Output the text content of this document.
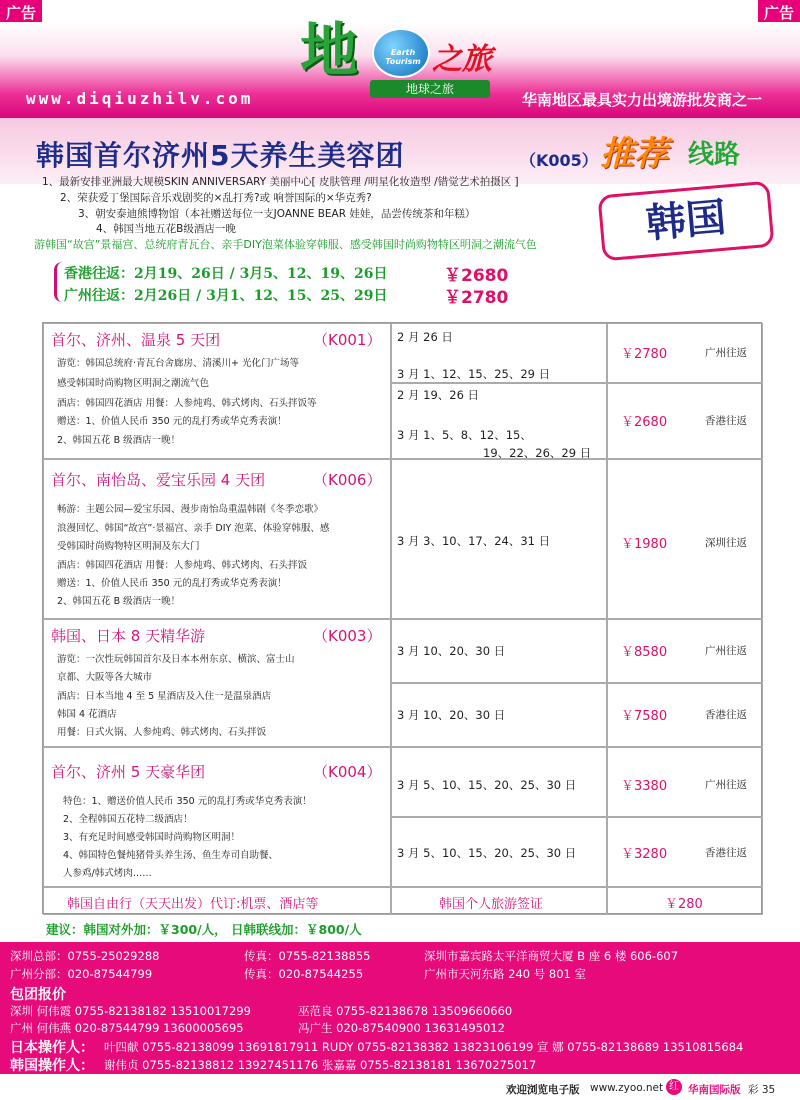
广告	广告
地	Earth Tourism 之旅
地球之旅
www.diqiuzhilv.com	华南地区最具实力出境游批发商之一
韩国首尔济州5天养生美容团	（K005） 推荐 线路
韩国
1、最新安排亚洲最大规模SKIN ANNIVERSARY 美丽中心[ 皮肤管理 /明星化妆造型 /错觉艺术拍摄区 ]
2、荣获爱丁堡国际音乐戏剧奖的×乱打秀?或 响誉国际的×华克秀?
3、朝安泰迪熊博物馆（本社赠送每位一支JOANNE BEAR 娃娃，品尝传统茶和年糕）
4、韩国当地五花B级酒店一晚
游韩国“故宫”景福宫、总统府青瓦台、亲手DIY泡菜体验穿韩服、感受韩国时尚购物特区明洞之潮流气色
香港往返：2月19、26日 / 3月5、12、19、26日	￥2680
广州往返：2月26日 / 3月1、12、15、25、29日	￥2780
首尔、济州、温泉 5 天团	（K001）
游览：韩国总统府·青瓦台舍廊房、清溪川+ 光化门广场等
感受韩国时尚购物区明洞之潮流气色
酒店：韩国四花酒店 用餐：人参炖鸡、韩式烤肉、石头拌饭等
赠送：1、价值人民币 350 元的乱打秀或华克秀表演！
2、韩国五花 B 级酒店一晚！
2 月 26 日
3 月 1、12、15、25、29 日
￥2780	广州往返
2 月 19、26 日
3 月 1、5、8、12、15、
19、22、26、29 日
￥2680	香港往返
首尔、南怡岛、爱宝乐园 4 天团	（K006）
畅游：主题公园—爱宝乐园、漫步南怡岛重温韩剧《冬季恋歌》
浪漫回忆、韩国“故宫”·景福宫、亲手 DIY 泡菜、体验穿韩服、感
受韩国时尚购物特区明洞及东大门
酒店：韩国四花酒店 用餐：人参炖鸡、韩式烤肉、石头拌饭
赠送：1、价值人民币 350 元的乱打秀或华克秀表演！
2、韩国五花 B 级酒店一晚！
3 月 3、10、17、24、31 日	￥1980	深圳往返
韩国、日本 8 天精华游	（K003）
游览：一次性玩韩国首尔及日本本州东京、横滨、富士山
京都、大阪等各大城市
酒店：日本当地 4 至 5 星酒店及入住一是温泉酒店
韩国 4 花酒店
用餐：日式火锅、人参炖鸡、韩式烤肉、石头拌饭
3 月 10、20、30 日	￥8580	广州往返
3 月 10、20、30 日	￥7580	香港往返
首尔、济州 5 天豪华团	（K004）
特色：1、赠送价值人民币 350 元的乱打秀或华克秀表演！
2、全程韩国五花特二级酒店！
3、有充足时间感受韩国时尚购物区明洞！
4、韩国特色餐炖猪骨头养生汤、鱼生寿司自助餐、
人参鸡/韩式烤肉……
3 月 5、10、15、20、25、30 日	￥3380	广州往返
3 月 5、10、15、20、25、30 日	￥3280	香港往返
韩国自由行（天天出发）代订:机票、酒店等	韩国个人旅游签证	￥280
建议：韩国对外加：￥300/人， 日韩联线加：￥800/人
深圳总部：0755-25029288	传真：0755-82138855	深圳市嘉宾路太平洋商贸大厦 B 座 6 楼 606-607
广州分部：020-87544799	传真：020-87544255	广州市天河东路 240 号 801 室
包团报价
深圳 何伟霞 0755-82138182 13510017299	巫范良 0755-82138678 13509660660
广州 何伟燕 020-87544799 13600005695	冯广生 020-87540900 13631495012
日本操作人： 叶四献 0755-82138099 13691817911 RUDY 0755-82138382 13823106199 宣 娜 0755-82138689 13510815684
韩国操作人： 谢伟贞 0755-82138812 13927451176 张嘉嘉 0755-82138181 13670275017
欢迎浏览电子版 www.zyoo.net 红 华南国际版 彩 35
